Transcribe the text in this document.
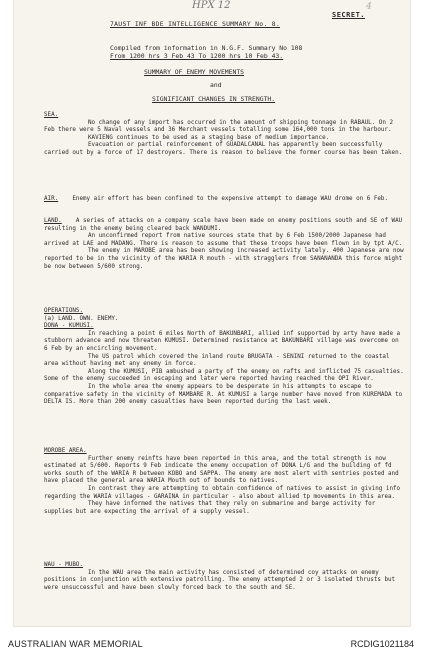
HPX 12	4
SECRET.
7AUST INF BDE INTELLIGENCE SUMMARY No. 8.
Compiled from information in N.G.F. Summary No 108
From 1200 hrs 3 Feb 43 To 1200 hrs 10 Feb 43.
SUMMARY OF ENEMY MOVEMENTS
and
SIGNIFICANT CHANGES IN STRENGTH.

SEA.

No change of any import has occurred in the amount of shipping tonnage in RABAUL. On 2 Feb there were 5 Naval vessels and 36 Merchant vessels totalling some 164,000 tons in the harbour.

KAVIENG continues to be used as a staging base of medium importance.

Evacuation or partial reinforcement of GUADALCANAL has apparently been successfully carried out by a force of 17 destroyers. There is reason to believe the former course has been taken.

AIR. Enemy air effort has been confined to the expensive attempt to damage WAU drome on 6 Feb.

LAND. A series of attacks on a company scale have been made on enemy positions south and SE of WAU resulting in the enemy being cleared back WANDUMI.

An unconfirmed report from native sources state that by 6 Feb 1500/2000 Japanese had arrived at LAE and MADANG. There is reason to assume that these troops have been flown in by tpt A/C.

The enemy in MAROBE area has been showing increased activity lately. 400 Japanese are now reported to be in the vicinity of the WARIA R mouth - with stragglers from SANANANDA this force might be now between 5/600 strong.

OPERATIONS.

(a) LAND. OWN. ENEMY.

DONA - KUMUSI.

In reaching a point 6 miles North of BAKUNBARI, allied inf supported by arty have made a stubborn advance and now threaten KUMUSI. Determined resistance at BAKUNBARI village was overcome on 6 Feb by an encircling movement.

The US patrol which covered the inland route BRUGATA - SENINI returned to the coastal area without having met any enemy in force.

Along the KUMUSI, PIB ambushed a party of the enemy on rafts and inflicted 75 casualties. Some of the enemy succeeded in escaping and later were reported having reached the OPI River.

In the whole area the enemy appears to be desperate in his attempts to escape to comparative safety in the vicinity of MAMBARE R. At KUMUSI a large number have moved from KUREMADA to DELTA IS. More than 200 enemy casualties have been reported during the last week.

MOROBE AREA.

Further enemy reinfts have been reported in this area, and the total strength is now estimated at 5/600. Reports 9 Feb indicate the enemy occupation of DONA L/G and the building of fd works south of the WARIA R between KOBO and SAPPA. The enemy are most alert with sentries posted and have placed the general area WARIA Mouth out of bounds to natives.

In contrast they are attempting to obtain confidence of natives to assist in giving info regarding the WARIA villages - GARAINA in particular - also about allied tp movements in this area.

They have informed the natives that they rely on submarine and barge activity for supplies but are expecting the arrival of a supply vessel.

WAU - MUBO.

In the WAU area the main activity has consisted of determined coy attacks on enemy positions in conjunction with extensive patrolling. The enemy attempted 2 or 3 isolated thrusts but were unsuccessful and have been slowly forced back to the south and SE.

AUSTRALIAN WAR MEMORIAL	RCDIG1021184
